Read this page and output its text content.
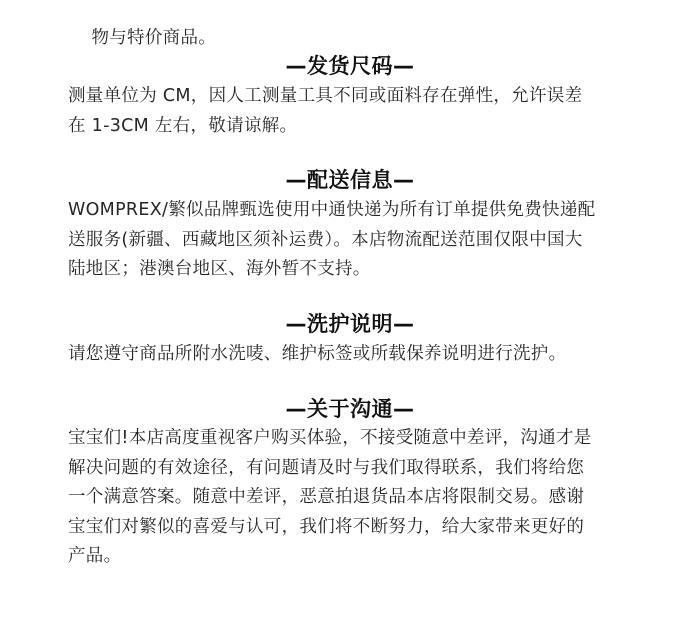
物与特价商品。

—发货尺码—

测量单位为 CM，因人工测量工具不同或面料存在弹性，允许误差
在 1-3CM 左右，敬请谅解。

—配送信息—

WOMPREX/繁似品牌甄选使用中通快递为所有订单提供免费快递配
送服务(新疆、西藏地区须补运费）。本店物流配送范围仅限中国大
陆地区；港澳台地区、海外暂不支持。

—洗护说明—

请您遵守商品所附水洗唛、维护标签或所载保养说明进行洗护。

—关于沟通—

宝宝们!本店高度重视客户购买体验，不接受随意中差评，沟通才是
解决问题的有效途径，有问题请及时与我们取得联系，我们将给您
一个满意答案。随意中差评，恶意拍退货品本店将限制交易。感谢
宝宝们对繁似的喜爱与认可，我们将不断努力，给大家带来更好的
产品。
